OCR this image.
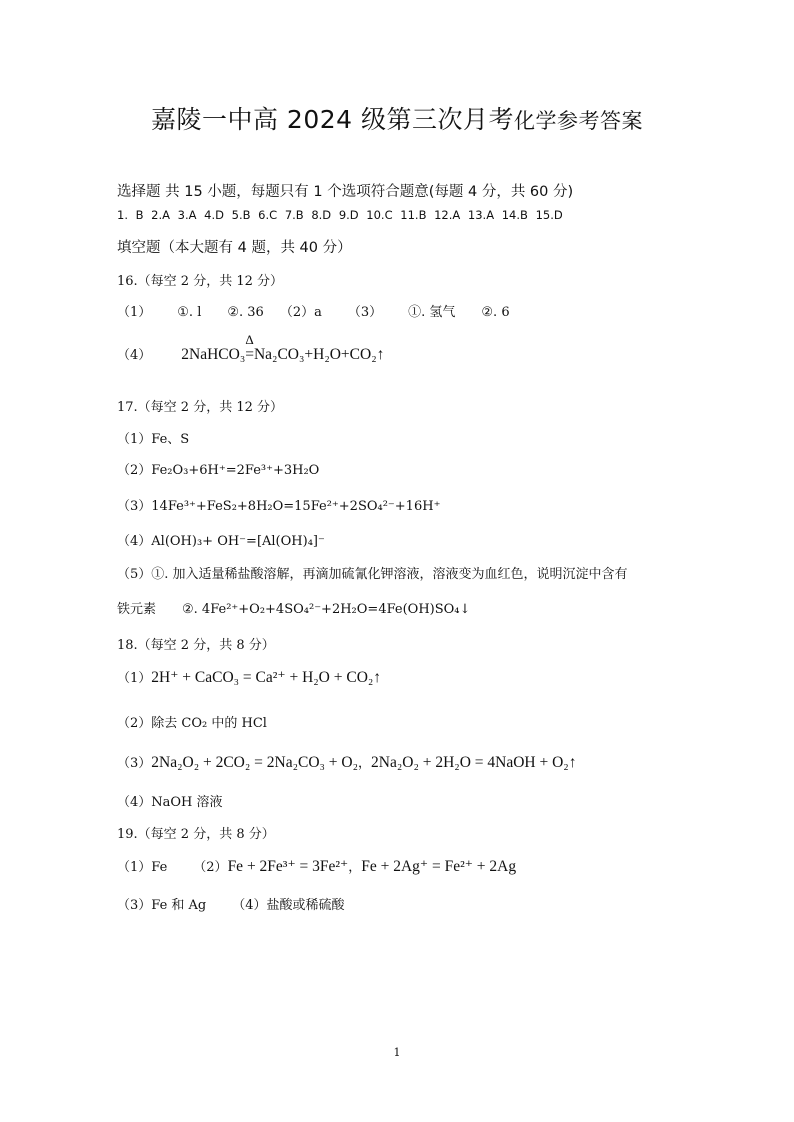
嘉陵一中高 2024 级第三次月考化学参考答案
选择题 共 15 小题，每题只有 1 个选项符合题意(每题 4 分，共 60 分)
1. B 2.A 3.A 4.D 5.B 6.C 7.B 8.D 9.D 10.C 11.B 12.A 13.A 14.B 15.D
填空题（本大题有 4 题，共 40 分）
16.（每空 2 分，共 12 分）
（1） ①. l ②. 36 （2）a （3） ①. 氢气 ②. 6
（4） 2NaHCO₃
Δ
=Na₂CO₃+H₂O+CO₂↑
17.（每空 2 分，共 12 分）
（1）Fe、S
（2）Fe₂O₃+6H⁺=2Fe³⁺+3H₂O
（3）14Fe³⁺+FeS₂+8H₂O=15Fe²⁺+2SO₄²⁻+16H⁺
（4）Al(OH)₃+ OH⁻=[Al(OH)₄]⁻
（5）①. 加入适量稀盐酸溶解，再滴加硫氰化钾溶液，溶液变为血红色，说明沉淀中含有
铁元素 ②. 4Fe²⁺+O₂+4SO₄²⁻+2H₂O=4Fe(OH)SO₄↓
18.（每空 2 分，共 8 分）
（1）2H⁺ + CaCO₃ = Ca²⁺ + H₂O + CO₂↑
（2）除去 CO₂ 中的 HCl
（3）2Na₂O₂ + 2CO₂ = 2Na₂CO₃ + O₂，2Na₂O₂ + 2H₂O = 4NaOH + O₂↑
（4）NaOH 溶液
19.（每空 2 分，共 8 分）
（1）Fe （2）Fe + 2Fe³⁺ = 3Fe²⁺，Fe + 2Ag⁺ = Fe²⁺ + 2Ag
（3）Fe 和 Ag （4）盐酸或稀硫酸
1
